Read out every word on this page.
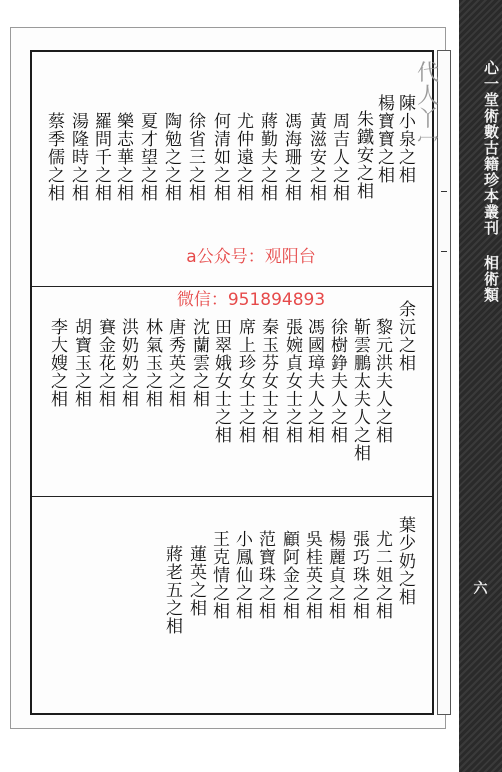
代
人
丫
冖
陳小泉之相
楊寶寶之相
朱鐵安之相
周吉人之相
黃滋安之相
馮海珊之相
蔣勤夫之相
尤仲遠之相
何清如之相
徐省三之相
陶勉之之相
夏才望之相
樂志華之相
羅問千之相
湯隆時之相
蔡季儒之相
余沅之相
黎元洪夫人之相
靳雲鵬太夫人之相
徐樹錚夫人之相
馮國璋夫人之相
張婉貞女士之相
秦玉芬女士之相
席上珍女士之相
田翠娥女士之相
沈蘭雲之相
唐秀英之相
林氣玉之相
洪奶奶之相
賽金花之相
胡寶玉之相
李大嫂之相
葉少奶之相
尤二姐之相
張巧珠之相
楊麗貞之相
吳桂英之相
顧阿金之相
范寶珠之相
小鳳仙之相
王克情之相
蓮英之相
蔣老五之相
a公众号：观阳台
微信：951894893	心一堂術數古籍珍本叢刊 相術類
六
